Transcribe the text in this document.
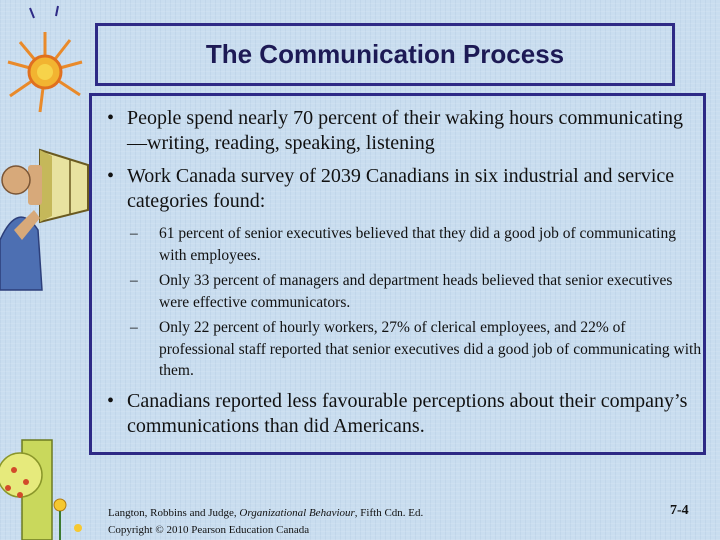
The Communication Process
• People spend nearly 70 percent of their waking hours communicating—writing, reading, speaking, listening
• Work Canada survey of 2039 Canadians in six industrial and service categories found:
– 61 percent of senior executives believed that they did a good job of communicating with employees.
– Only 33 percent of managers and department heads believed that senior executives were effective communicators.
– Only 22 percent of hourly workers, 27% of clerical employees, and 22% of professional staff reported that senior executives did a good job of communicating with them.
• Canadians reported less favourable perceptions about their company’s communications than did Americans.
Langton, Robbins and Judge, Organizational Behaviour, Fifth Cdn. Ed.
Copyright © 2010 Pearson Education Canada
7-4
